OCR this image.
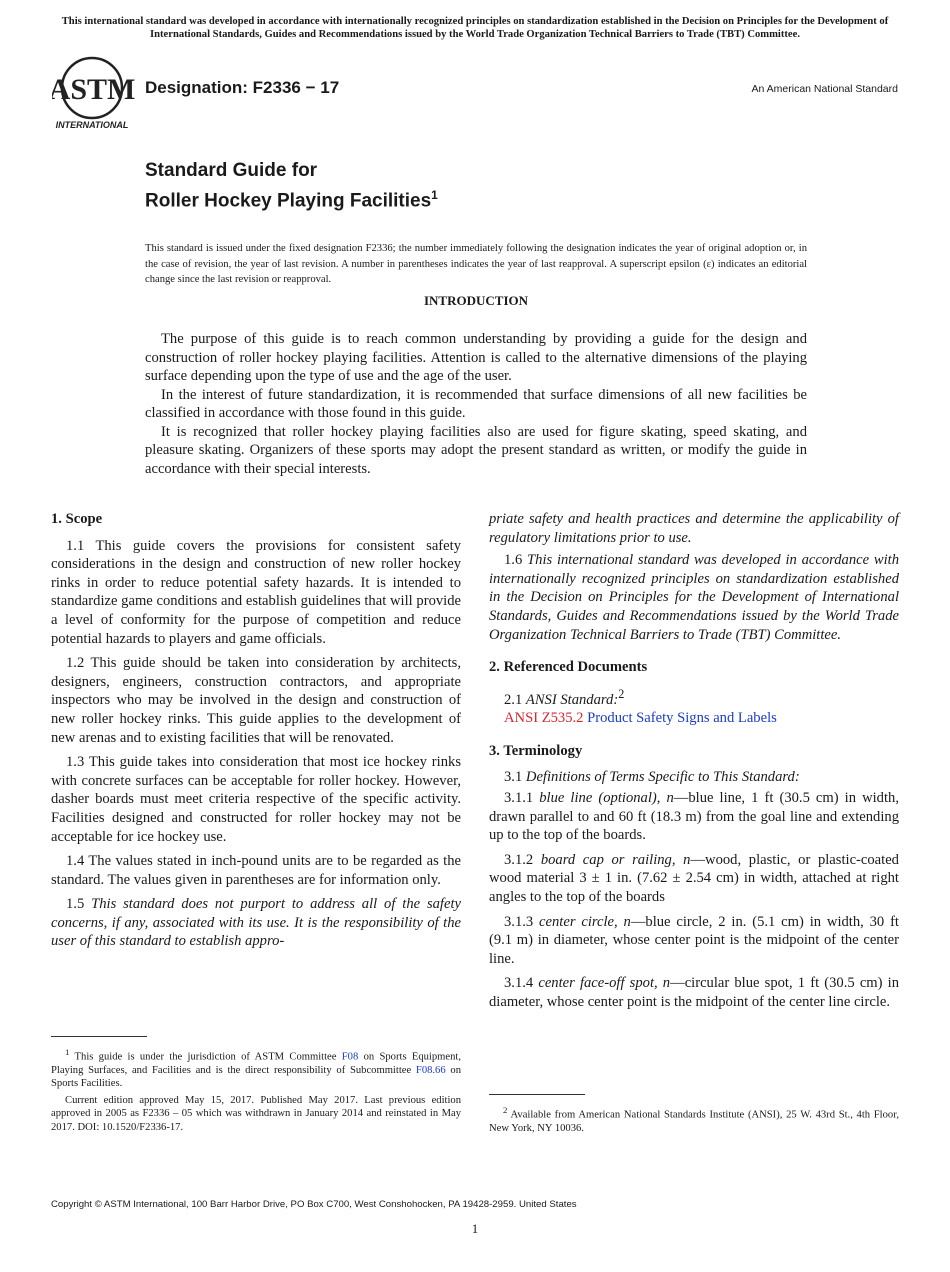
This international standard was developed in accordance with internationally recognized principles on standardization established in the Decision on Principles for the Development of International Standards, Guides and Recommendations issued by the World Trade Organization Technical Barriers to Trade (TBT) Committee.
ASTM
INTERNATIONAL
Designation: F2336 − 17	An American National Standard
Standard Guide for
Roller Hockey Playing Facilities$^1$
This standard is issued under the fixed designation F2336; the number immediately following the designation indicates the year of original adoption or, in the case of revision, the year of last revision. A number in parentheses indicates the year of last reapproval. A superscript epsilon (ε) indicates an editorial change since the last revision or reapproval.
INTRODUCTION

The purpose of this guide is to reach common understanding by providing a guide for the design and construction of roller hockey playing facilities. Attention is called to the alternative dimensions of the playing surface depending upon the type of use and the age of the user.

In the interest of future standardization, it is recommended that surface dimensions of all new facilities be classified in accordance with those found in this guide.

It is recognized that roller hockey playing facilities also are used for figure skating, speed skating, and pleasure skating. Organizers of these sports may adopt the present standard as written, or modify the guide in accordance with their special interests.

1. Scope

1.1 This guide covers the provisions for consistent safety considerations in the design and construction of new roller hockey rinks in order to reduce potential safety hazards. It is intended to standardize game conditions and establish guidelines that will provide a level of conformity for the purpose of competition and reduce potential hazards to players and game officials.

1.2 This guide should be taken into consideration by architects, designers, engineers, construction contractors, and appropriate inspectors who may be involved in the design and construction of new roller hockey rinks. This guide applies to the development of new arenas and to existing facilities that will be renovated.

1.3 This guide takes into consideration that most ice hockey rinks with concrete surfaces can be acceptable for roller hockey. However, dasher boards must meet criteria respective of the specific activity. Facilities designed and constructed for roller hockey may not be acceptable for ice hockey use.

1.4 The values stated in inch-pound units are to be regarded as the standard. The values given in parentheses are for information only.

1.5 This standard does not purport to address all of the safety concerns, if any, associated with its use. It is the responsibility of the user of this standard to establish appro-

priate safety and health practices and determine the applicability of regulatory limitations prior to use.

1.6 This international standard was developed in accordance with internationally recognized principles on standardization established in the Decision on Principles for the Development of International Standards, Guides and Recommendations issued by the World Trade Organization Technical Barriers to Trade (TBT) Committee.

2. Referenced Documents

2.1 ANSI Standard:$^2$

ANSI Z535.2 Product Safety Signs and Labels

3. Terminology

3.1 Definitions of Terms Specific to This Standard:

3.1.1 blue line (optional), n—blue line, 1 ft (30.5 cm) in width, drawn parallel to and 60 ft (18.3 m) from the goal line and extending up to the top of the boards.

3.1.2 board cap or railing, n—wood, plastic, or plastic-coated wood material 3 ± 1 in. (7.62 ± 2.54 cm) in width, attached at right angles to the top of the boards

3.1.3 center circle, n—blue circle, 2 in. (5.1 cm) in width, 30 ft (9.1 m) in diameter, whose center point is the midpoint of the center line.

3.1.4 center face-off spot, n—circular blue spot, 1 ft (30.5 cm) in diameter, whose center point is the midpoint of the center line circle.

$^1$ This guide is under the jurisdiction of ASTM Committee F08 on Sports Equipment, Playing Surfaces, and Facilities and is the direct responsibility of Subcommittee F08.66 on Sports Facilities.

Current edition approved May 15, 2017. Published May 2017. Last previous edition approved in 2005 as F2336 – 05 which was withdrawn in January 2014 and reinstated in May 2017. DOI: 10.1520/F2336-17.

$^2$ Available from American National Standards Institute (ANSI), 25 W. 43rd St., 4th Floor, New York, NY 10036.

Copyright © ASTM International, 100 Barr Harbor Drive, PO Box C700, West Conshohocken, PA 19428-2959. United States
1
